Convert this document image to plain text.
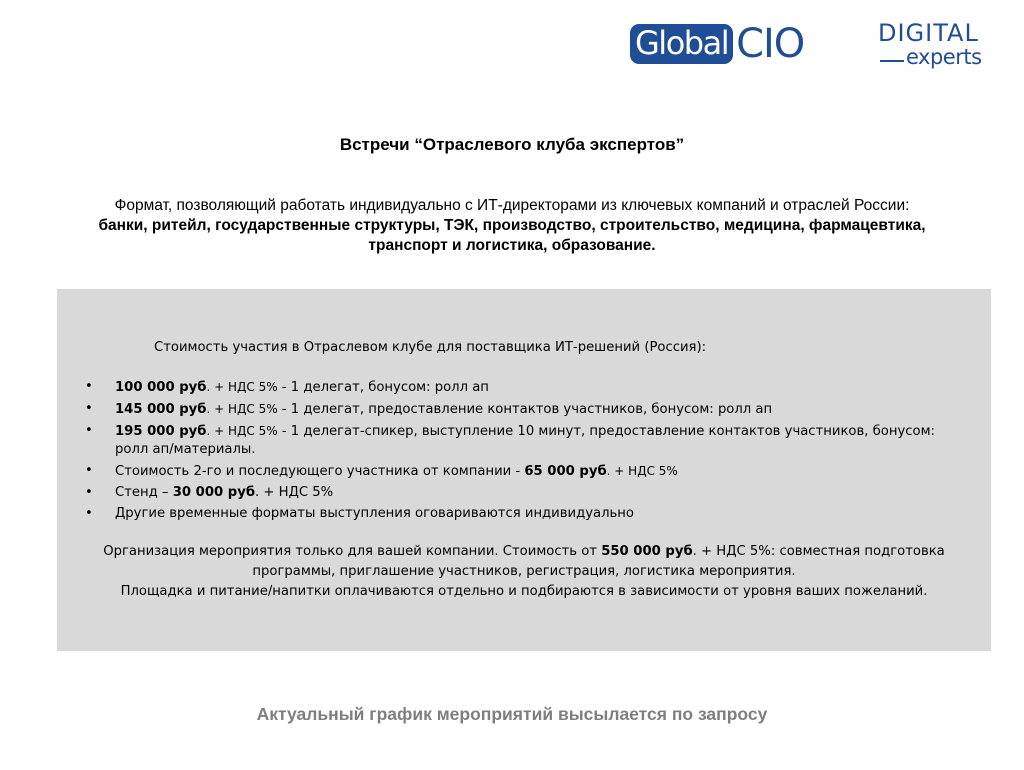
Global CIO	DIGITAL
experts
Встречи “Отраслевого клуба экспертов”
Формат, позволяющий работать индивидуально с ИТ-директорами из ключевых компаний и отраслей России:
банки, ритейл, государственные структуры, ТЭК, производство, строительство, медицина, фармацевтика, транспорт и логистика, образование.
Стоимость участия в Отраслевом клубе для поставщика ИТ-решений (Россия):
• 100 000 руб. + НДС 5% - 1 делегат, бонусом: ролл ап
• 145 000 руб. + НДС 5% - 1 делегат, предоставление контактов участников, бонусом: ролл ап
• 195 000 руб. + НДС 5% - 1 делегат-спикер, выступление 10 минут, предоставление контактов участников, бонусом: ролл ап/материалы.
• Стоимость 2-го и последующего участника от компании - 65 000 руб. + НДС 5%
• Стенд – 30 000 руб. + НДС 5%
• Другие временные форматы выступления оговариваются индивидуально
Организация мероприятия только для вашей компании. Стоимость от 550 000 руб. + НДС 5%: совместная подготовка программы, приглашение участников, регистрация, логистика мероприятия.
Площадка и питание/напитки оплачиваются отдельно и подбираются в зависимости от уровня ваших пожеланий.
Актуальный график мероприятий высылается по запросу
